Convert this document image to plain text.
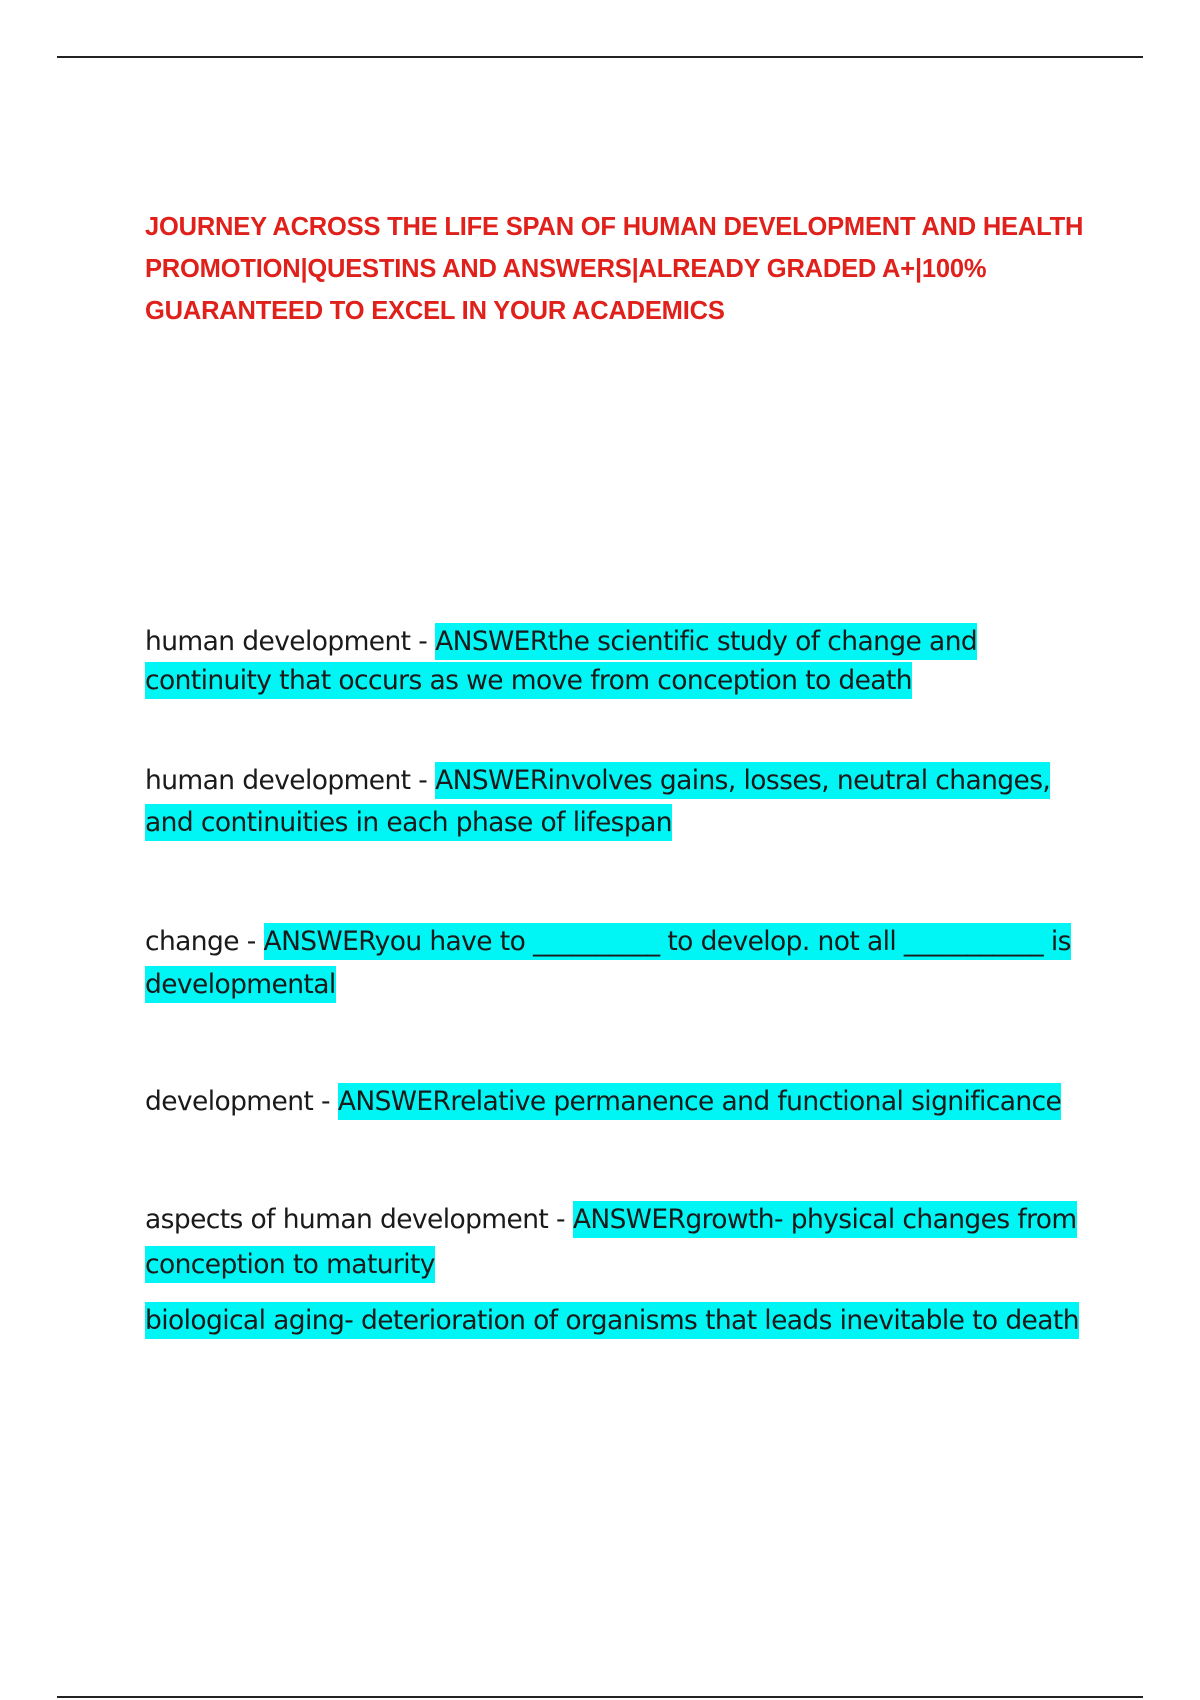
JOURNEY ACROSS THE LIFE SPAN OF HUMAN DEVELOPMENT AND HEALTH PROMOTION|QUESTINS AND ANSWERS|ALREADY GRADED A+|100% GUARANTEED TO EXCEL IN YOUR ACADEMICS

human development - ANSWERthe scientific study of change and continuity that occurs as we move from conception to death

human development - ANSWERinvolves gains, losses, neutral changes, and continuities in each phase of lifespan

change - ANSWERyou have to __________ to develop. not all ___________ is developmental

development - ANSWERrelative permanence and functional significance

aspects of human development - ANSWERgrowth- physical changes from conception to maturity

biological aging- deterioration of organisms that leads inevitable to death
